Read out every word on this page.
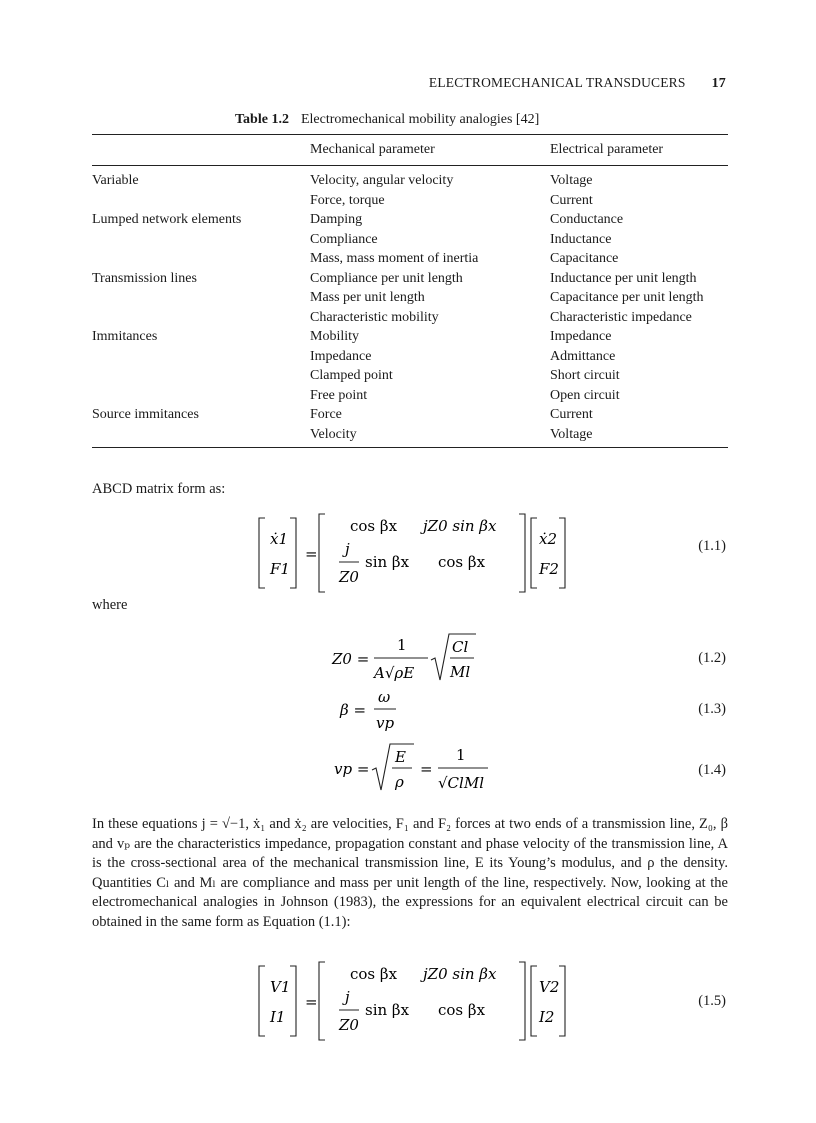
ELECTROMECHANICAL TRANSDUCERS 17
Table 1.2 Electromechanical mobility analogies [42]
	Mechanical parameter	Electrical parameter
Variable	Velocity, angular velocity	Voltage
	Force, torque	Current
Lumped network elements	Damping	Conductance
	Compliance	Inductance
	Mass, mass moment of inertia	Capacitance
Transmission lines	Compliance per unit length	Inductance per unit length
	Mass per unit length	Capacitance per unit length
	Characteristic mobility	Characteristic impedance
Immitances	Mobility	Impedance
	Impedance	Admittance
	Clamped point	Short circuit
	Free point	Open circuit
Source immitances	Force	Current
	Velocity	Voltage
ABCD matrix form as:
ẋ1
F1
=
cos βx jZ0 sin βx
j
Z0
sin βx cos βx
ẋ2
F2
(1.1)
where
Z0 =
1
A√ρE
Cl
Ml
(1.2)
β =
ω
vp
(1.3)
vp =
E
ρ
=
1
√ClMl
(1.4)
In these equations j = √−1, ẋ₁ and ẋ₂ are velocities, F₁ and F₂ forces at two ends of a transmission line, Z₀, β and vₚ are the characteristics impedance, propagation constant and phase velocity of the transmission line, A is the cross-sectional area of the mechanical transmission line, E its Young’s modulus, and ρ the density. Quantities Cₗ and Mₗ are compliance and mass per unit length of the line, respectively. Now, looking at the electromechanical analogies in Johnson (1983), the expressions for an equivalent electrical circuit can be obtained in the same form as Equation (1.1):
V1
I1
=
cos βx jZ0 sin βx
j
Z0
sin βx cos βx
V2
I2
(1.5)
